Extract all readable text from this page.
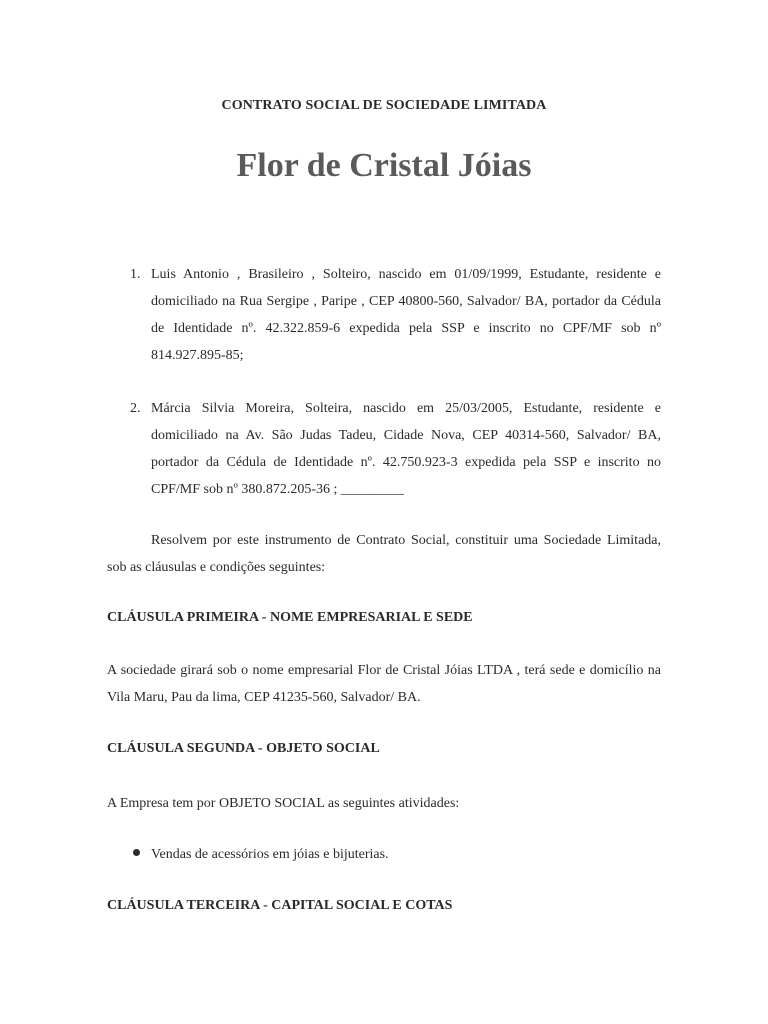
CONTRATO SOCIAL DE SOCIEDADE LIMITADA
Flor de Cristal Jóias
1. Luis Antonio , Brasileiro , Solteiro, nascido em 01/09/1999, Estudante, residente e domiciliado na Rua Sergipe , Paripe , CEP 40800-560, Salvador/ BA, portador da Cédula de Identidade nº. 42.322.859-6 expedida pela SSP e inscrito no CPF/MF sob nº 814.927.895-85;
2. Márcia Silvia Moreira, Solteira, nascido em 25/03/2005, Estudante, residente e domiciliado na Av. São Judas Tadeu, Cidade Nova, CEP 40314-560, Salvador/ BA, portador da Cédula de Identidade nº. 42.750.923-3 expedida pela SSP e inscrito no CPF/MF sob nº 380.872.205-36 ; _________
Resolvem por este instrumento de Contrato Social, constituir uma Sociedade Limitada, sob as cláusulas e condições seguintes:
CLÁUSULA PRIMEIRA - NOME EMPRESARIAL E SEDE
A sociedade girará sob o nome empresarial Flor de Cristal Jóias LTDA , terá sede e domicílio na Vila Maru, Pau da lima, CEP 41235-560, Salvador/ BA.
CLÁUSULA SEGUNDA - OBJETO SOCIAL
A Empresa tem por OBJETO SOCIAL as seguintes atividades:
Vendas de acessórios em jóias e bijuterias.
CLÁUSULA TERCEIRA - CAPITAL SOCIAL E COTAS
